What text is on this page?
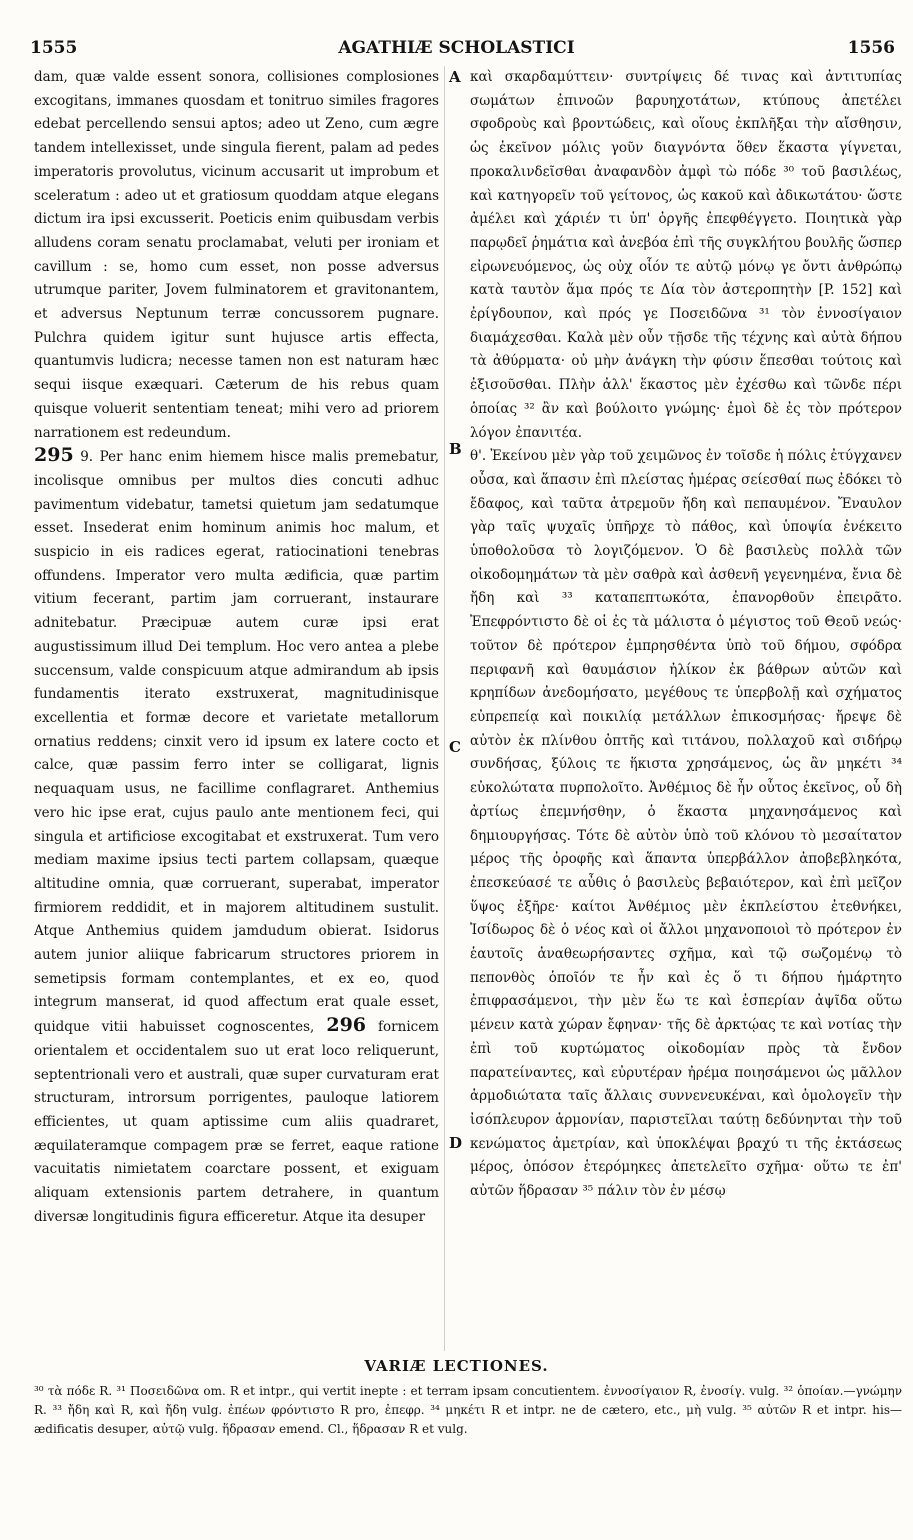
1555	AGATHIÆ SCHOLASTICI	1556

dam, quæ valde essent sonora, collisiones complosiones excogitans, immanes quosdam et tonitruo similes fragores edebat percellendo sensui aptos; adeo ut Zeno, cum ægre tandem intellexisset, unde singula fierent, palam ad pedes imperatoris provolutus, vicinum accusarit ut improbum et sceleratum : adeo ut et gratiosum quoddam atque elegans dictum ira ipsi excusserit. Poeticis enim quibusdam verbis alludens coram senatu proclamabat, veluti per ironiam et cavillum : se, homo cum esset, non posse adversus utrumque pariter, Jovem fulminatorem et gravitonantem, et adversus Neptunum terræ concussorem pugnare. Pulchra quidem igitur sunt hujusce artis effecta, quantumvis ludicra; necesse tamen non est naturam hæc sequi iisque exæquari. Cæterum de his rebus quam quisque voluerit sententiam teneat; mihi vero ad priorem narrationem est redeundum.

295 9. Per hanc enim hiemem hisce malis premebatur, incolisque omnibus per multos dies concuti adhuc pavimentum videbatur, tametsi quietum jam sedatumque esset. Insederat enim hominum animis hoc malum, et suspicio in eis radices egerat, ratiocinationi tenebras offundens. Imperator vero multa ædificia, quæ partim vitium fecerant, partim jam corruerant, instaurare adnitebatur. Præcipuæ autem curæ ipsi erat augustissimum illud Dei templum. Hoc vero antea a plebe succensum, valde conspicuum atque admirandum ab ipsis fundamentis iterato exstruxerat, magnitudinisque excellentia et formæ decore et varietate metallorum ornatius reddens; cinxit vero id ipsum ex latere cocto et calce, quæ passim ferro inter se colligarat, lignis nequaquam usus, ne facillime conflagraret. Anthemius vero hic ipse erat, cujus paulo ante mentionem feci, qui singula et artificiose excogitabat et exstruxerat. Tum vero mediam maxime ipsius tecti partem collapsam, quæque altitudine omnia, quæ corruerant, superabat, imperator firmiorem reddidit, et in majorem altitudinem sustulit. Atque Anthemius quidem jamdudum obierat. Isidorus autem junior aliique fabricarum structores priorem in semetipsis formam contemplantes, et ex eo, quod integrum manserat, id quod affectum erat quale esset, quidque vitii habuisset cognoscentes, 296 fornicem orientalem et occidentalem suo ut erat loco reliquerunt, septentrionali vero et australi, quæ super curvaturam erat structuram, introrsum porrigentes, pauloque latiorem efficientes, ut quam aptissime cum aliis quadraret, æquilateramque compagem præ se ferret, eaque ratione vacuitatis nimietatem coarctare possent, et exiguam aliquam extensionis partem detrahere, in quantum diversæ longitudinis figura efficeretur. Atque ita desuper

A
B
C
D

καὶ σκαρδαμύττειν· συντρίψεις δέ τινας καὶ ἀντιτυπίας σωμάτων ἐπινοῶν βαρυηχοτάτων, κτύπους ἀπετέλει σφοδροὺς καὶ βροντώδεις, καὶ οἵους ἐκπλῆξαι τὴν αἴσθησιν, ὡς ἐκεῖνον μόλις γοῦν διαγνόντα ὅθεν ἕκαστα γίγνεται, προκαλινδεῖσθαι ἀναφανδὸν ἀμφὶ τὼ πόδε ³⁰ τοῦ βασιλέως, καὶ κατηγορεῖν τοῦ γείτονος, ὡς κακοῦ καὶ ἀδικωτάτου· ὥστε ἀμέλει καὶ χάριέν τι ὑπ' ὀργῆς ἐπεφθέγγετο. Ποιητικὰ γὰρ παρῳδεῖ ῥημάτια καὶ ἀνεβόα ἐπὶ τῆς συγκλήτου βουλῆς ὥσπερ εἰρωνευόμενος, ὡς οὐχ οἷόν τε αὐτῷ μόνῳ γε ὄντι ἀνθρώπῳ κατὰ ταυτὸν ἅμα πρός τε Δία τὸν ἀστεροπητὴν [P. 152] καὶ ἐρίγδουπον, καὶ πρός γε Ποσειδῶνα ³¹ τὸν ἐννοσίγαιον διαμάχεσθαι. Καλὰ μὲν οὖν τῇσδε τῆς τέχνης καὶ αὐτὰ δήπου τὰ ἀθύρματα· οὐ μὴν ἀνάγκη τὴν φύσιν ἕπεσθαι τούτοις καὶ ἐξισοῦσθαι. Πλὴν ἀλλ' ἕκαστος μὲν ἐχέσθω καὶ τῶνδε πέρι ὁποίας ³² ἂν καὶ βούλοιτο γνώμης· ἐμοὶ δὲ ἐς τὸν πρότερον λόγον ἐπανιτέα.

θ'. Ἐκείνου μὲν γὰρ τοῦ χειμῶνος ἐν τοῖσδε ἡ πόλις ἐτύγχανεν οὖσα, καὶ ἅπασιν ἐπὶ πλείστας ἡμέρας σείεσθαί πως ἐδόκει τὸ ἔδαφος, καὶ ταῦτα ἀτρεμοῦν ἤδη καὶ πεπαυμένον. Ἔναυλον γὰρ ταῖς ψυχαῖς ὑπῆρχε τὸ πάθος, καὶ ὑποψία ἐνέκειτο ὑποθολοῦσα τὸ λογιζόμενον. Ὁ δὲ βασιλεὺς πολλὰ τῶν οἰκοδομημάτων τὰ μὲν σαθρὰ καὶ ἀσθενῆ γεγενημένα, ἔνια δὲ ἤδη καὶ ³³ καταπεπτωκότα, ἐπανορθοῦν ἐπειρᾶτο. Ἐπεφρόντιστο δὲ οἱ ἐς τὰ μάλιστα ὁ μέγιστος τοῦ Θεοῦ νεώς· τοῦτον δὲ πρότερον ἐμπρησθέντα ὑπὸ τοῦ δήμου, σφόδρα περιφανῆ καὶ θαυμάσιον ἠλίκον ἐκ βάθρων αὐτῶν καὶ κρηπίδων ἀνεδομήσατο, μεγέθους τε ὑπερβολῇ καὶ σχήματος εὐπρεπείᾳ καὶ ποικιλίᾳ μετάλλων ἐπικοσμήσας· ἤρεψε δὲ αὐτὸν ἐκ πλίνθου ὀπτῆς καὶ τιτάνου, πολλαχοῦ καὶ σιδήρῳ συνδήσας, ξύλοις τε ἥκιστα χρησάμενος, ὡς ἂν μηκέτι ³⁴ εὐκολώτατα πυρπολοῖτο. Ἀνθέμιος δὲ ἦν οὗτος ἐκεῖνος, οὗ δὴ ἀρτίως ἐπεμνήσθην, ὁ ἕκαστα μηχανησάμενος καὶ δημιουργήσας. Τότε δὲ αὐτὸν ὑπὸ τοῦ κλόνου τὸ μεσαίτατον μέρος τῆς ὀροφῆς καὶ ἅπαντα ὑπερβάλλον ἀποβεβληκότα, ἐπεσκεύασέ τε αὖθις ὁ βασιλεὺς βεβαιότερον, καὶ ἐπὶ μεῖζον ὕψος ἐξῆρε· καίτοι Ἀνθέμιος μὲν ἐκπλείστου ἐτεθνήκει, Ἰσίδωρος δὲ ὁ νέος καὶ οἱ ἄλλοι μηχανοποιοὶ τὸ πρότερον ἐν ἑαυτοῖς ἀναθεωρήσαντες σχῆμα, καὶ τῷ σωζομένῳ τὸ πεπονθὸς ὁποῖόν τε ἦν καὶ ἐς ὅ τι δήπου ἡμάρτητο ἐπιφρασάμενοι, τὴν μὲν ἕω τε καὶ ἑσπερίαν ἀψῖδα οὕτω μένειν κατὰ χώραν ἔφηναν· τῆς δὲ ἀρκτῴας τε καὶ νοτίας τὴν ἐπὶ τοῦ κυρτώματος οἰκοδομίαν πρὸς τὰ ἔνδον παρατείναντες, καὶ εὐρυτέραν ἠρέμα ποιησάμενοι ὡς μᾶλλον ἁρμοδιώτατα ταῖς ἄλλαις συννενευκέναι, καὶ ὁμολογεῖν τὴν ἰσόπλευρον ἁρμονίαν, παριστεῖλαι ταύτῃ δεδύνηνται τὴν τοῦ κενώματος ἀμετρίαν, καὶ ὑποκλέψαι βραχύ τι τῆς ἐκτάσεως μέρος, ὁπόσον ἑτερόμηκες ἀπετελεῖτο σχῆμα· οὕτω τε ἐπ' αὐτῶν ἥδρασαν ³⁵ πάλιν τὸν ἐν μέσῳ

VARIÆ LECTIONES.
³⁰ τὰ πόδε R. ³¹ Ποσειδῶνα om. R et intpr., qui vertit inepte : et terram ipsam concutientem. ἐννοσίγαιον R, ἐνοσίγ. vulg. ³² ὁποίαν.—γνώμην R. ³³ ἤδη καὶ R, καὶ ἤδη vulg. ἐπέων φρόντιστο R pro, ἐπεφρ. ³⁴ μηκέτι R et intpr. ne de cætero, etc., μὴ vulg. ³⁵ αὐτῶν R et intpr. his—ædificatis desuper, αὐτῷ vulg. ἥδρασαν emend. Cl., ἥδρασαν R et vulg.
